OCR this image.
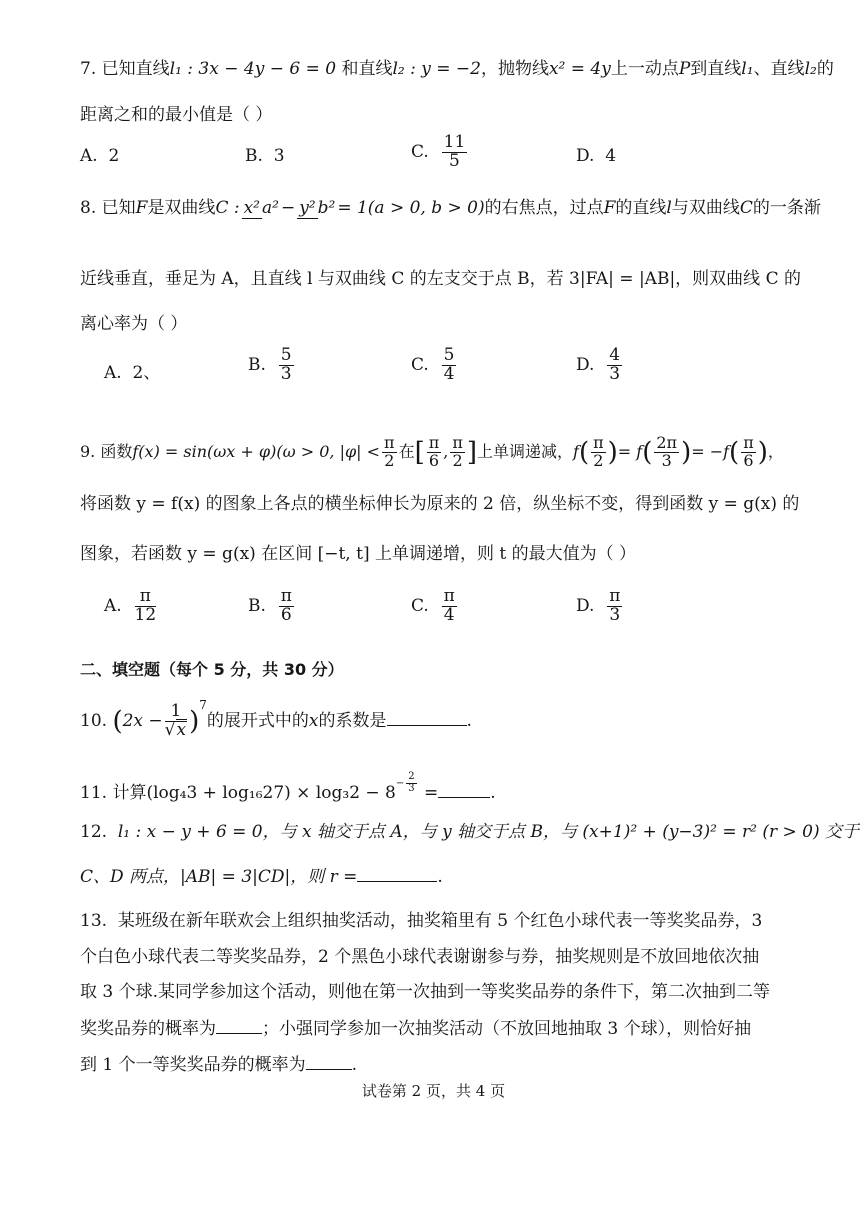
7. 已知直线l₁ : 3x − 4y − 6 = 0 和直线l₂ : y = −2，抛物线x² = 4y上一动点P到直线l₁、直线l₂的
距离之和的最小值是（ ）
A. 2	B. 3	C. $\frac{11}{5}$	D. 4
8. 已知F是双曲线C : x² a² − y² b² = 1(a > 0, b > 0)的右焦点，过点F的直线l与双曲线C的一条渐
近线垂直，垂足为 A，且直线 l 与双曲线 C 的左支交于点 B，若 3|FA| = |AB|，则双曲线 C 的
离心率为（ ）
A. 2、	B. $\frac{5}{3}$	C. $\frac{5}{4}$	D. $\frac{4}{3}$
9. 函数f(x) = sin(ωx + φ)(ω > 0, $|\varphi| < \frac{\pi}{2}$ 在[ $\frac{\pi}{6}$ , $\frac{\pi}{2}$ ]上单调递减，$f( \frac{\pi}{2}$ )= $f( \frac{2\pi}{3}$ )= $-f( \frac{\pi}{6}$ )，
将函数 y = f(x) 的图象上各点的横坐标伸长为原来的 2 倍，纵坐标不变，得到函数 y = g(x) 的
图象，若函数 y = g(x) 在区间 [−t, t] 上单调递增，则 t 的最大值为（ ）
A. $\frac{\pi}{12}$	B. $\frac{\pi}{6}$	C. $\frac{\pi}{4}$	D. $\frac{\pi}{3}$
二、填空题（每个 5 分，共 30 分）
10. $(2x - \frac{1}{√x} )^7$的展开式中的x的系数是	.
11. 计算$(\log_43 + \log_{16}27) \times \log_32 - 8^{- \frac{2}{3}}$ =	.
12. l₁ : x − y + 6 = 0，与 x 轴交于点 A，与 y 轴交于点 B，与 (x+1)² + (y−3)² = r² (r > 0) 交于
C、D 两点，|AB| = 3|CD|，则 r =	.
13. 某班级在新年联欢会上组织抽奖活动，抽奖箱里有 5 个红色小球代表一等奖奖品券，3
个白色小球代表二等奖奖品券，2 个黑色小球代表谢谢参与券，抽奖规则是不放回地依次抽
取 3 个球.某同学参加这个活动，则他在第一次抽到一等奖奖品券的条件下，第二次抽到二等
奖奖品券的概率为	；小强同学参加一次抽奖活动（不放回地抽取 3 个球），则恰好抽
到 1 个一等奖奖品券的概率为	.
试卷第 2 页，共 4 页
